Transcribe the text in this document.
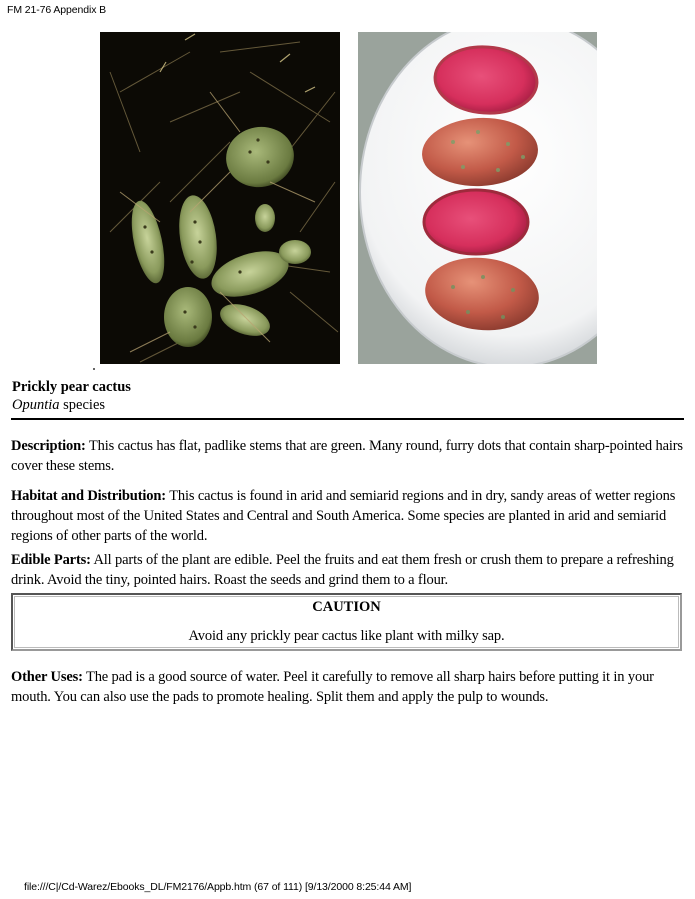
FM 21-76 Appendix B
Prickly pear cactus
Opuntia species
Description: This cactus has flat, padlike stems that are green. Many round, furry dots that contain sharp-pointed hairs cover these stems.
Habitat and Distribution: This cactus is found in arid and semiarid regions and in dry, sandy areas of wetter regions throughout most of the United States and Central and South America. Some species are planted in arid and semiarid regions of other parts of the world.
Edible Parts: All parts of the plant are edible. Peel the fruits and eat them fresh or crush them to prepare a refreshing drink. Avoid the tiny, pointed hairs. Roast the seeds and grind them to a flour.
CAUTION
Avoid any prickly pear cactus like plant with milky sap.
Other Uses: The pad is a good source of water. Peel it carefully to remove all sharp hairs before putting it in your mouth. You can also use the pads to promote healing. Split them and apply the pulp to wounds.
file:///C|/Cd-Warez/Ebooks_DL/FM2176/Appb.htm (67 of 111) [9/13/2000 8:25:44 AM]
